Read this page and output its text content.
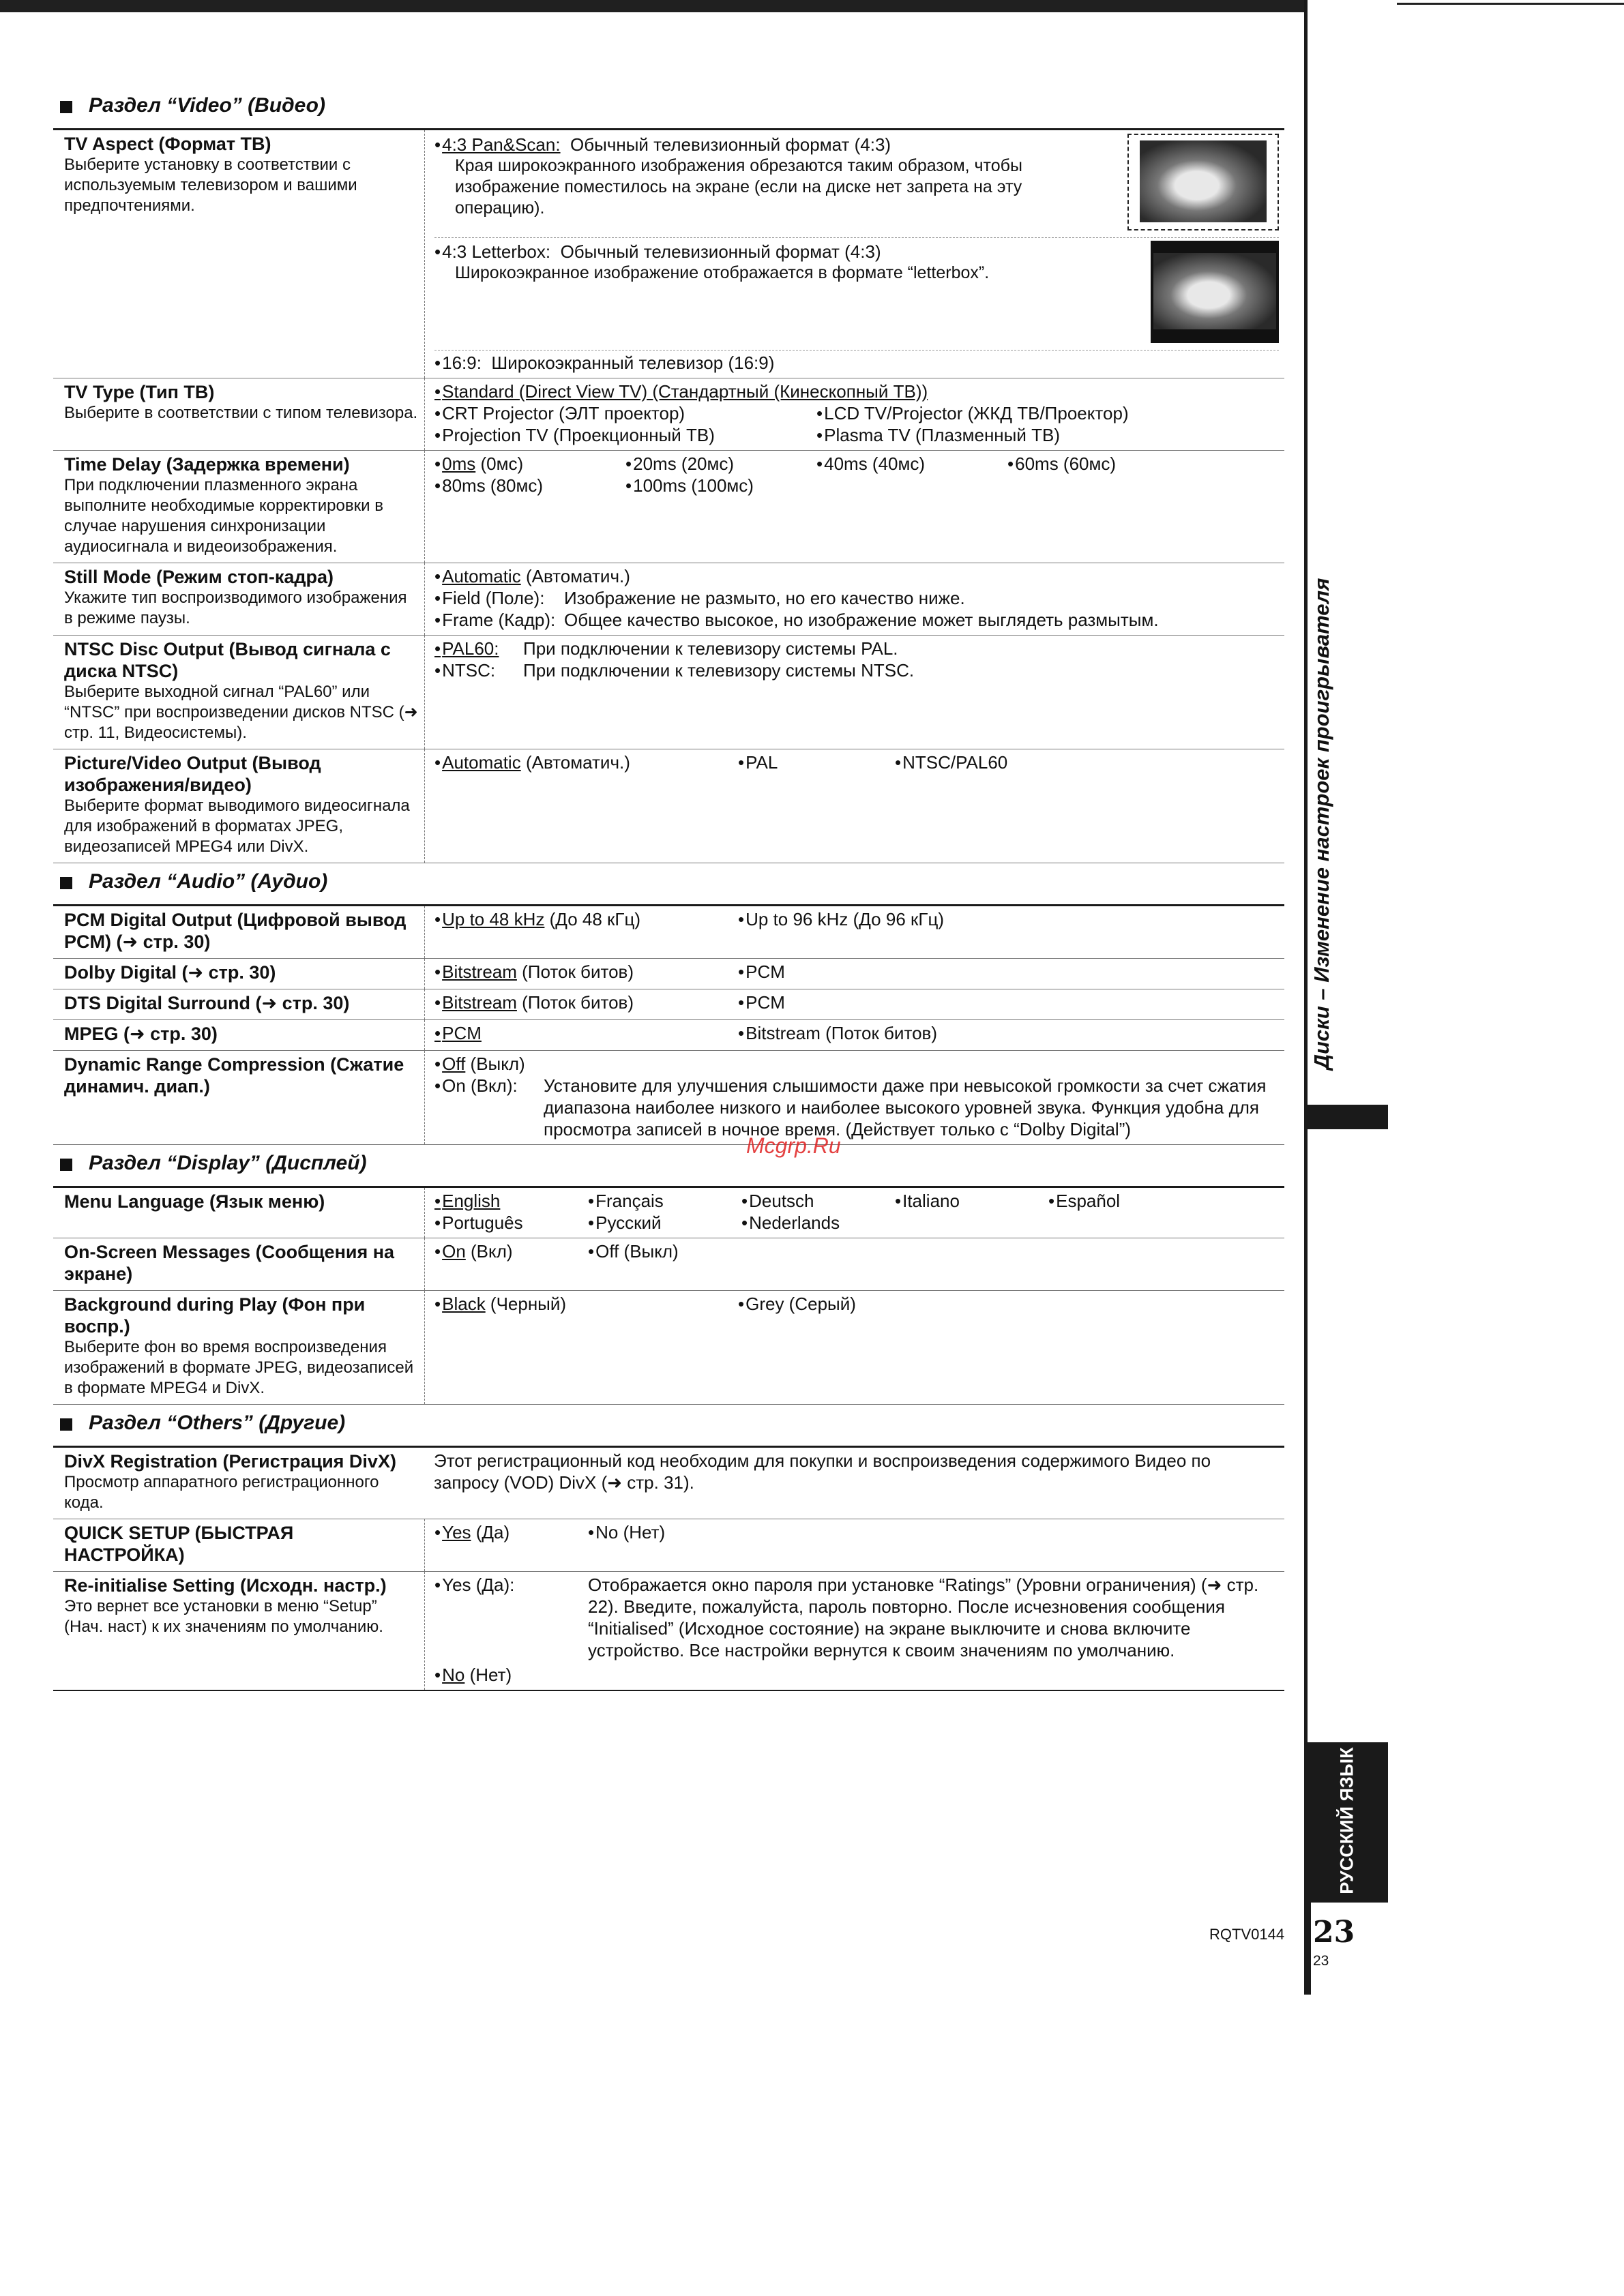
Раздел “Video” (Видео)
TV Aspect (Формат ТВ)
Выберите установку в соответствии с используемым телевизором и вашими предпочтениями.
• 4:3 Pan&Scan:
Обычный телевизионный формат (4:3)
Края широкоэкранного изображения обрезаются таким образом, чтобы изображение поместилось на экране (если на диске нет запрета на эту операцию).
• 4:3 Letterbox:
Обычный телевизионный формат (4:3)
Широкоэкранное изображение отображается в формате “letterbox”.
• 16:9:
Широкоэкранный телевизор (16:9)
TV Type (Тип ТВ)
Выберите в соответствии с типом телевизора.
• Standard (Direct View TV) (Стандартный (Кинескопный ТВ))
• CRT Projector (ЭЛТ проектор)	• LCD TV/Projector (ЖКД ТВ/Проектор)
• Projection TV (Проекционный ТВ)	• Plasma TV (Плазменный ТВ)
Time Delay (Задержка времени)
При подключении плазменного экрана выполните необходимые корректировки в случае нарушения синхронизации аудиосигнала и видеоизображения.
• 0ms (0мс)	• 20ms (20мс)	• 40ms (40мс)	• 60ms (60мс)
• 80ms (80мс)	• 100ms (100мс)
Still Mode (Режим стоп-кадра)
Укажите тип воспроизводимого изображения в режиме паузы.
• Automatic (Автоматич.)
• Field (Поле):	Изображение не размыто, но его качество ниже.
• Frame (Кадр): Общее качество высокое, но изображение может выглядеть размытым.
NTSC Disc Output (Вывод сигнала с диска NTSC)
Выберите выходной сигнал “PAL60” или “NTSC” при воспроизведении дисков NTSC (➜ стр. 11, Видеосистемы).
• PAL60:	При подключении к телевизору системы PAL.
• NTSC:	При подключении к телевизору системы NTSC.
Picture/Video Output (Вывод изображения/видео)
Выберите формат выводимого видеосигнала для изображений в форматах JPEG, видеозаписей MPEG4 или DivX.
• Automatic (Автоматич.)	• PAL	• NTSC/PAL60
Раздел “Audio” (Аудио)
PCM Digital Output (Цифровой вывод PCM) (➜ стр. 30)
• Up to 48 kHz (До 48 кГц)	• Up to 96 kHz (До 96 кГц)
Dolby Digital (➜ стр. 30)	• Bitstream (Поток битов)	• PCM
DTS Digital Surround (➜ стр. 30)	• Bitstream (Поток битов)	• PCM
MPEG (➜ стр. 30)	• PCM	• Bitstream (Поток битов)
Dynamic Range Compression (Сжатие динамич. диап.)
• Off (Выкл)
• On (Вкл):	Установите для улучшения слышимости даже при невысокой громкости за счет сжатия диапазона наиболее низкого и наиболее высокого уровней звука. Функция удобна для просмотра записей в ночное время. (Действует только с “Dolby Digital”)
Раздел “Display” (Дисплей)
Menu Language (Язык меню)	• English	• Français	• Deutsch	• Italiano	• Español
• Português	• Русский	• Nederlands
On-Screen Messages (Сообщения на экране)
• On (Вкл)	• Off (Выкл)
Background during Play (Фон при воспр.)
Выберите фон во время воспроизведения изображений в формате JPEG, видеозаписей в формате MPEG4 и DivX.
• Black (Черный)	• Grey (Серый)
Раздел “Others” (Другие)
DivX Registration (Регистрация DivX)
Просмотр аппаратного регистрационного кода.
Этот регистрационный код необходим для покупки и воспроизведения содержимого Видео по запросу (VOD) DivX (➜ стр. 31).
QUICK SETUP (БЫСТРАЯ НАСТРОЙКА)
• Yes (Да)	• No (Нет)
Re-initialise Setting (Исходн. настр.)
Это вернет все установки в меню “Setup” (Нач. наст) к их значениям по умолчанию.
• Yes (Да):	Отображается окно пароля при установке “Ratings” (Уровни ограничения) (➜ стр. 22). Введите, пожалуйста, пароль повторно. После исчезновения сообщения “Initialised” (Исходное состояние) на экране выключите и снова включите устройство. Все настройки вернутся к своим значениям по умолчанию.
• No (Нет)
Диски – Изменение настроек проигрывателя
РУССКИЙ ЯЗЫК
RQTV0144 23
23
Mcgrp.Ru
